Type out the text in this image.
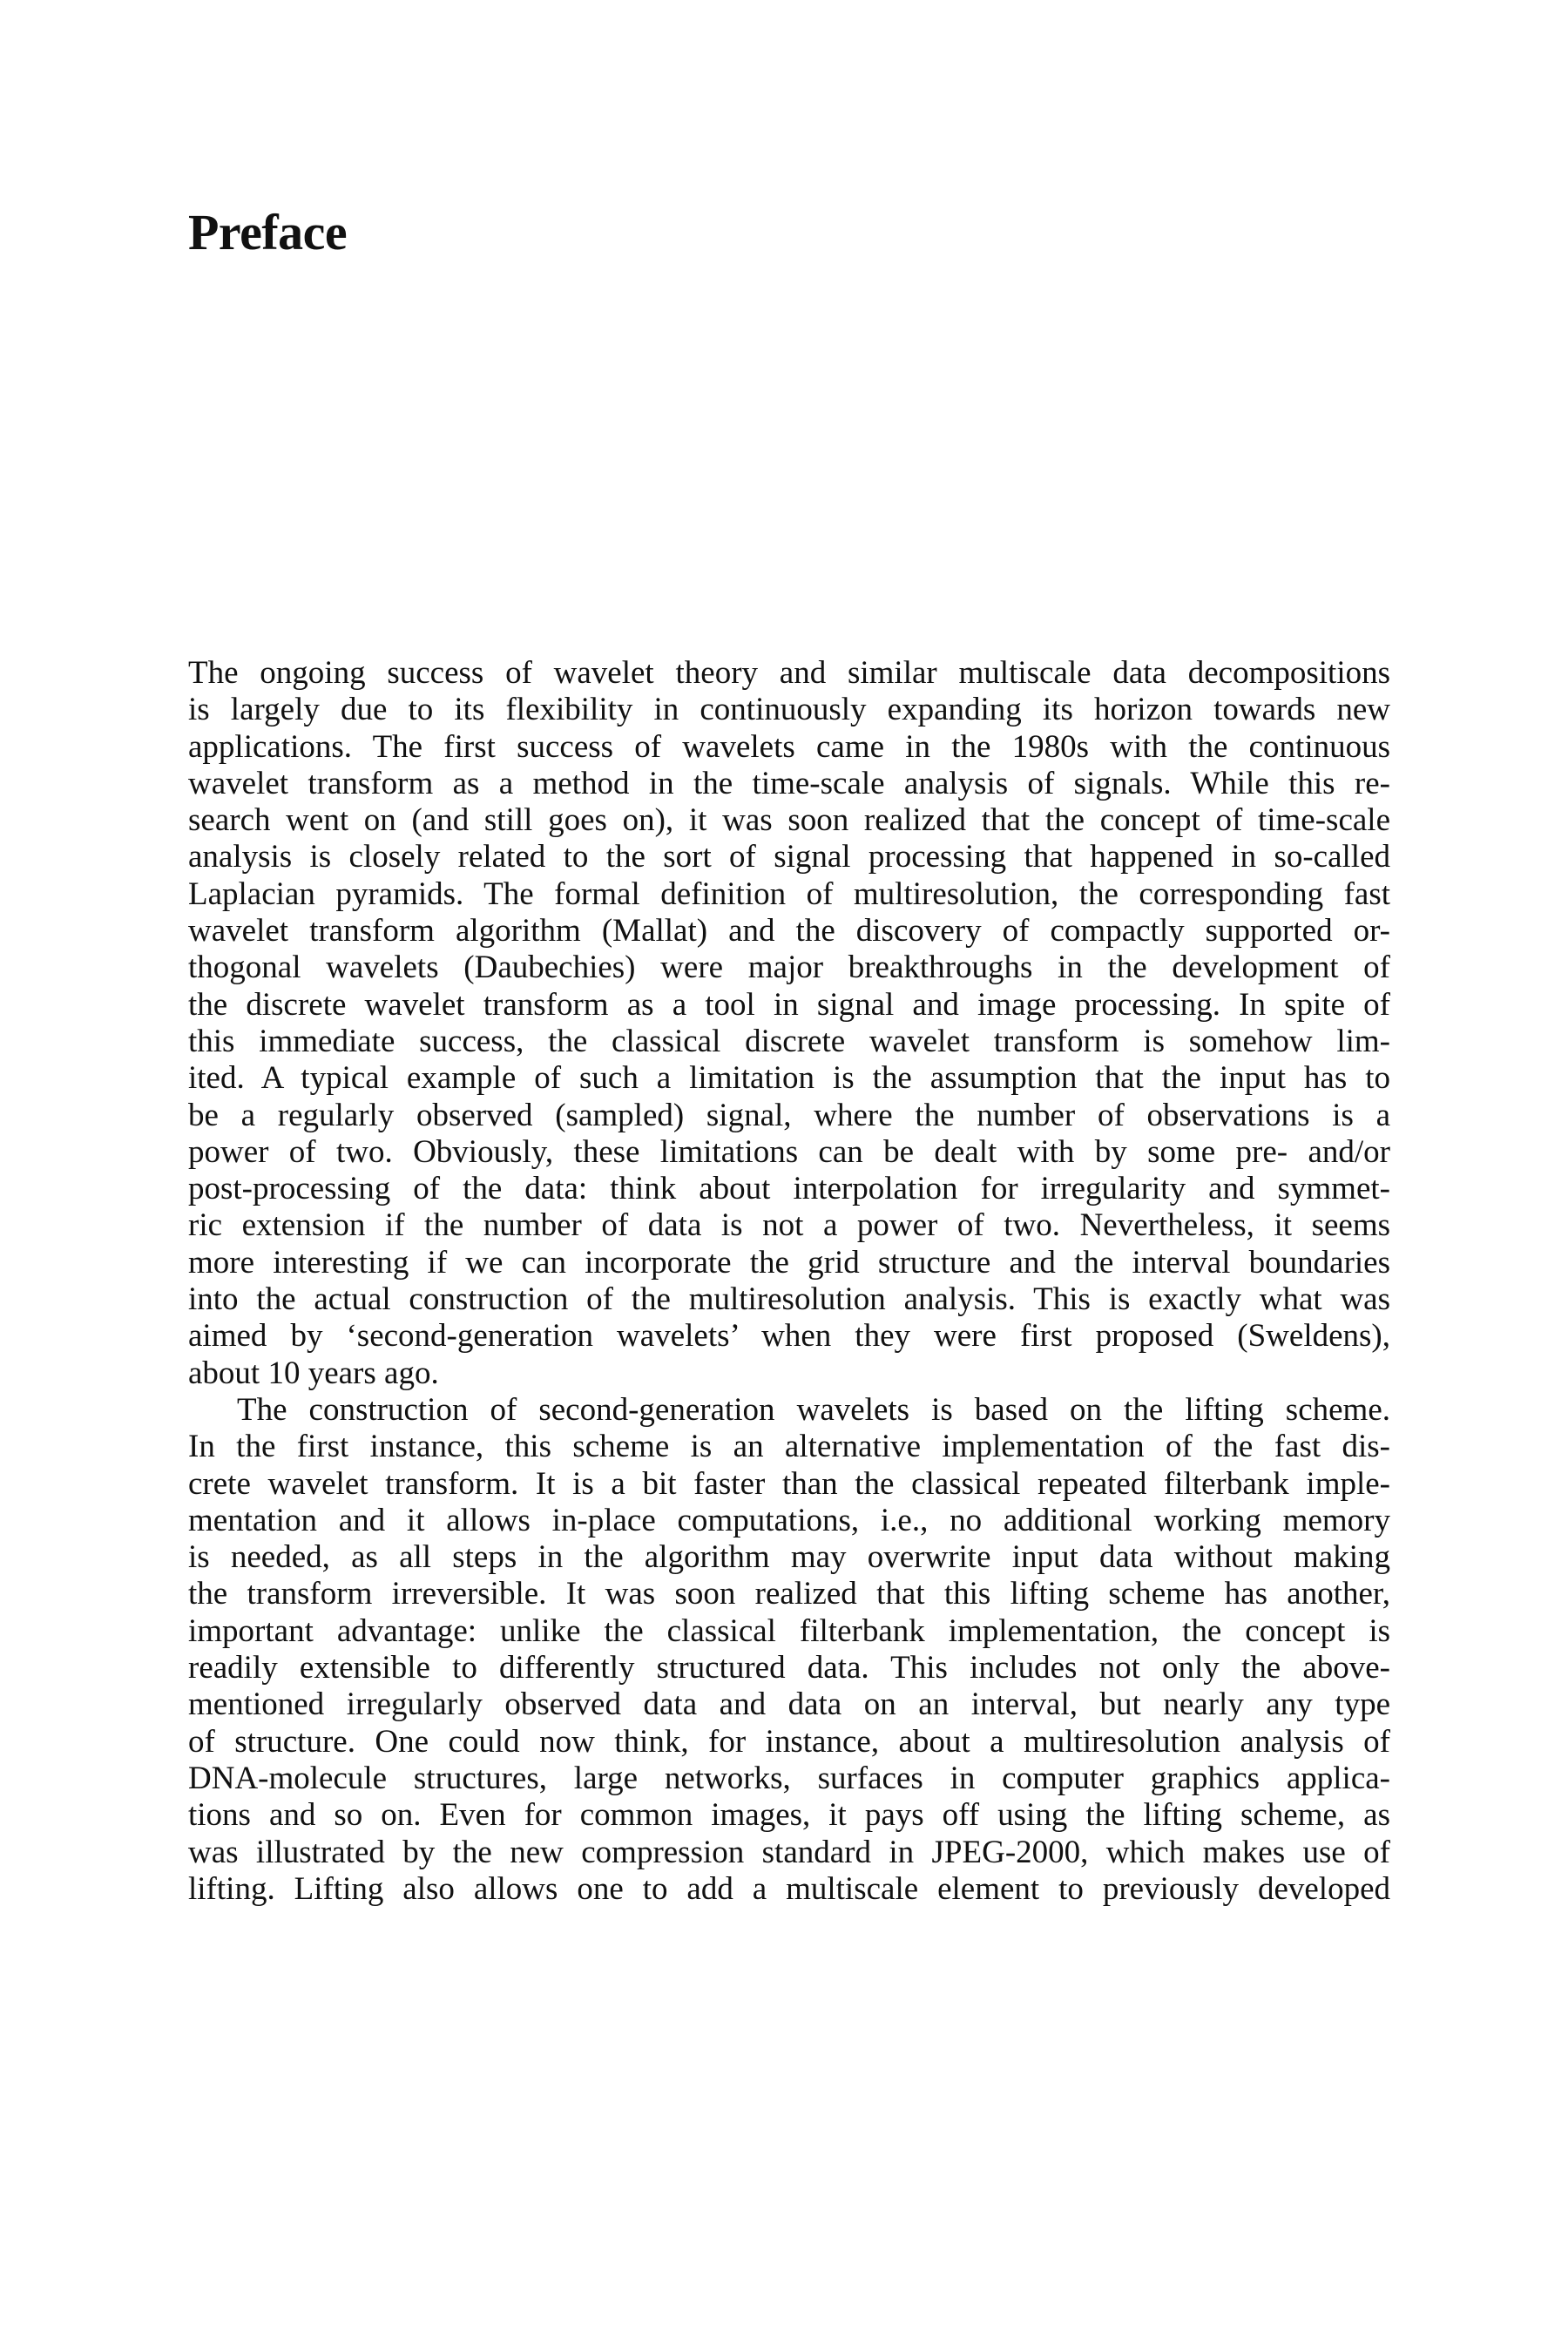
Preface

The ongoing success of wavelet theory and similar multiscale data decompositions
is largely due to its flexibility in continuously expanding its horizon towards new
applications. The first success of wavelets came in the 1980s with the continuous
wavelet transform as a method in the time-scale analysis of signals. While this re-
search went on (and still goes on), it was soon realized that the concept of time-scale
analysis is closely related to the sort of signal processing that happened in so-called
Laplacian pyramids. The formal definition of multiresolution, the corresponding fast
wavelet transform algorithm (Mallat) and the discovery of compactly supported or-
thogonal wavelets (Daubechies) were major breakthroughs in the development of
the discrete wavelet transform as a tool in signal and image processing. In spite of
this immediate success, the classical discrete wavelet transform is somehow lim-
ited. A typical example of such a limitation is the assumption that the input has to
be a regularly observed (sampled) signal, where the number of observations is a
power of two. Obviously, these limitations can be dealt with by some pre- and/or
post-processing of the data: think about interpolation for irregularity and symmet-
ric extension if the number of data is not a power of two. Nevertheless, it seems
more interesting if we can incorporate the grid structure and the interval boundaries
into the actual construction of the multiresolution analysis. This is exactly what was
aimed by ‘second-generation wavelets’ when they were first proposed (Sweldens),
about 10 years ago.

The construction of second-generation wavelets is based on the lifting scheme.
In the first instance, this scheme is an alternative implementation of the fast dis-
crete wavelet transform. It is a bit faster than the classical repeated filterbank imple-
mentation and it allows in-place computations, i.e., no additional working memory
is needed, as all steps in the algorithm may overwrite input data without making
the transform irreversible. It was soon realized that this lifting scheme has another,
important advantage: unlike the classical filterbank implementation, the concept is
readily extensible to differently structured data. This includes not only the above-
mentioned irregularly observed data and data on an interval, but nearly any type
of structure. One could now think, for instance, about a multiresolution analysis of
DNA-molecule structures, large networks, surfaces in computer graphics applica-
tions and so on. Even for common images, it pays off using the lifting scheme, as
was illustrated by the new compression standard in JPEG-2000, which makes use of
lifting. Lifting also allows one to add a multiscale element to previously developed
